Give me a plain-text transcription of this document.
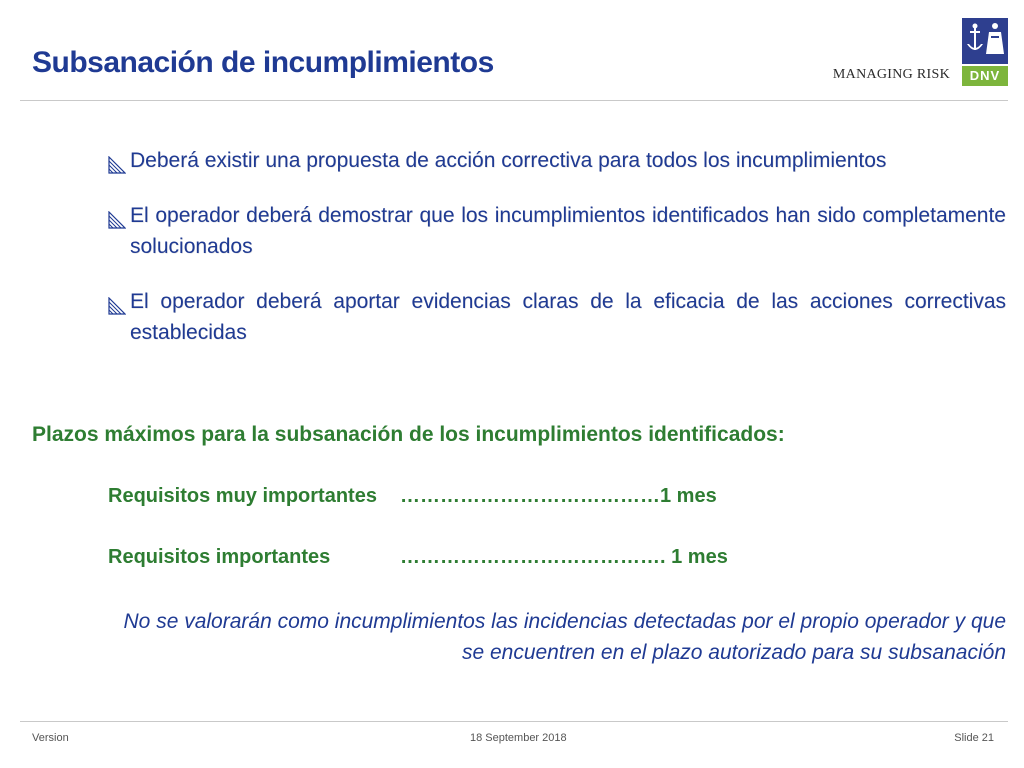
Subsanación de incumplimientos	MANAGING RISK	DNV
Deberá existir una propuesta de acción correctiva para todos los incumplimientos
El operador deberá demostrar que los incumplimientos identificados han sido completamente solucionados
El operador deberá aportar evidencias claras de la eficacia de las acciones correctivas establecidas
Plazos máximos para la subsanación de los incumplimientos identificados:
Requisitos muy importantes …………………………………1 mes
Requisitos importantes	…………………………………. 1 mes
No se valorarán como incumplimientos las incidencias detectadas por el propio operador y que se encuentren en el plazo autorizado para su subsanación
Version	18 September 2018	Slide 21
